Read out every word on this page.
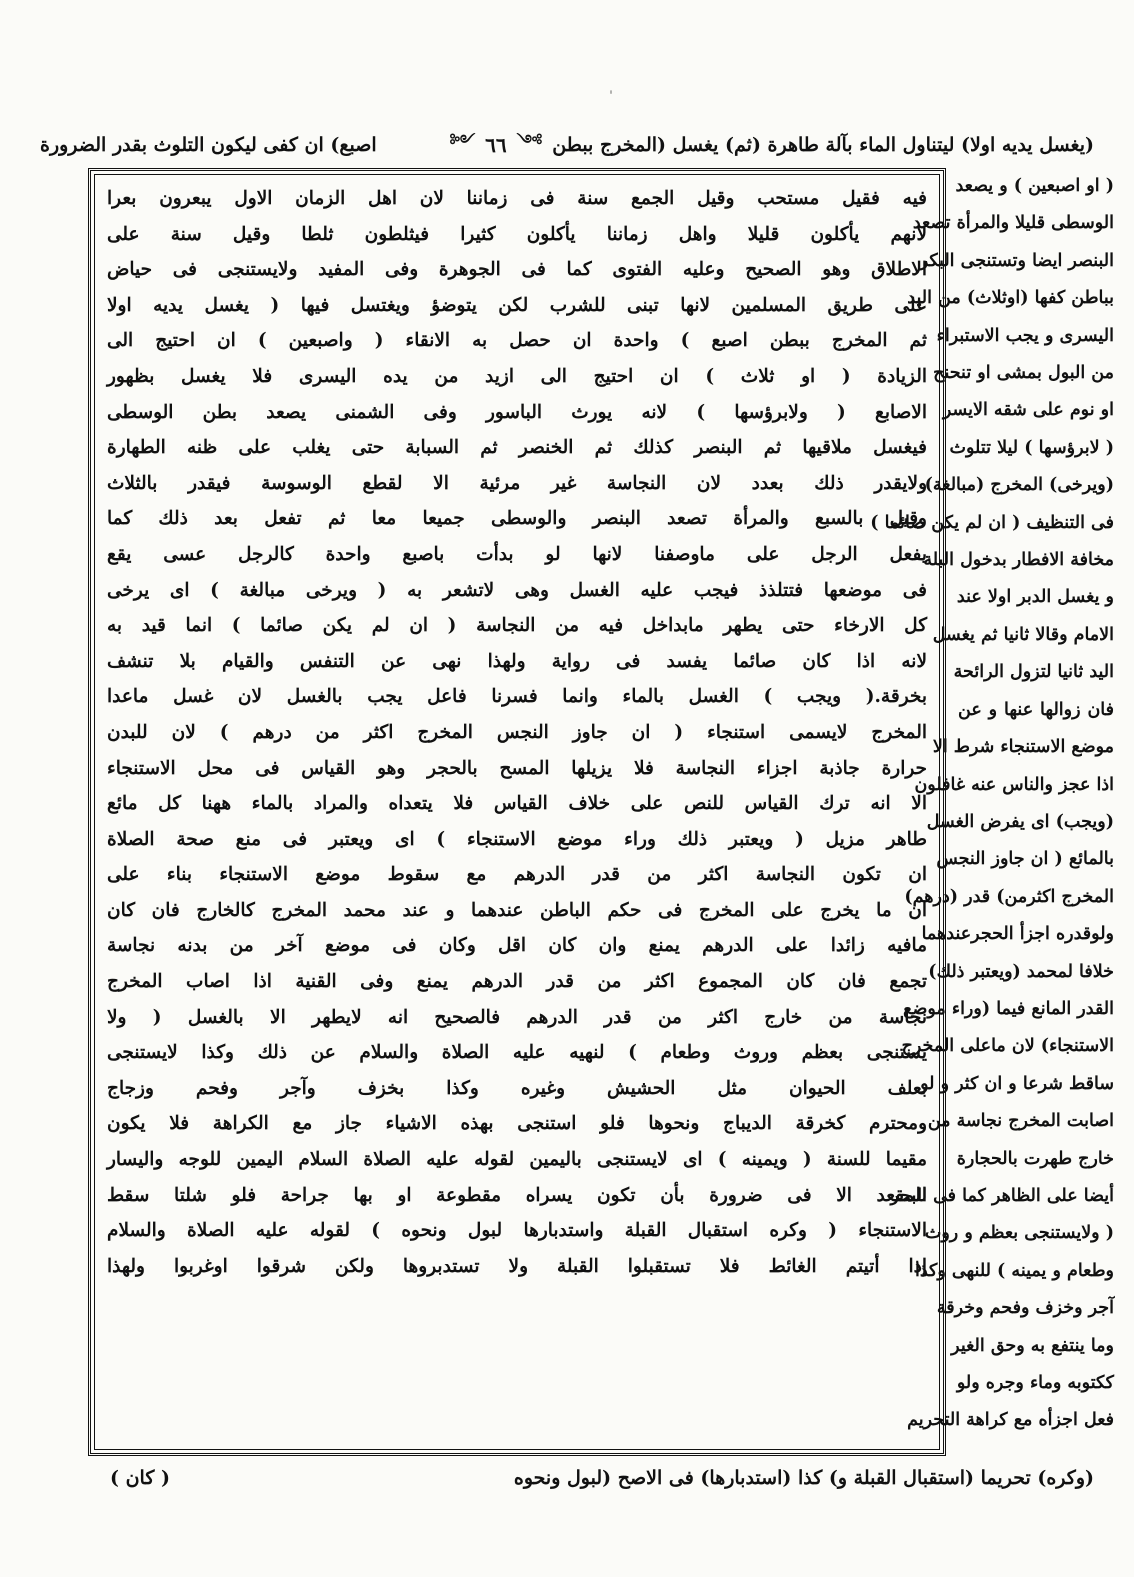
(يغسل يديه اولا) ليتناول الماء بآلة طاهرة (ثم) يغسل (المخرج ببطن
༻
٦٦
༺
اصبع) ان كفى ليكون التلوث بقدر الضرورة
( او اصبعين ) و يصعد
الوسطى قليلا والمرأة تصعد
البنصر ايضا وتستنجى البكر
بباطن كفها (اوثلاث) من اليد
اليسرى و يجب الاستبراء
من البول بمشى او تنحنح
او نوم على شقه الايسر
( لابرؤسها ) ليلا تتلوث
(ويرخى) المخرج (مبالغة)
فى التنظيف ( ان لم يكن صائما )
مخافة الافطار بدخول البلة
و يغسل الدبر اولا عند
الامام وقالا ثانيا ثم يغسل
اليد ثانيا لتزول الرائحة
فان زوالها عنها و عن
موضع الاستنجاء شرط الا
اذا عجز والناس عنه غافلون
(ويجب) اى يفرض الغسل
بالمائع ( ان جاوز النجس
المخرج اكثرمن) قدر (درهم)
ولوقدره اجزأ الحجرعندهما
خلافا لمحمد (ويعتبر ذلك)
القدر المانع فيما (وراء موضع
الاستنجاء) لان ماعلى المخرج
ساقط شرعا و ان كثر و لو
اصابت المخرج نجاسة من
خارج طهرت بالحجارة
أيضا على الظاهر كما فى البحر
( ولايستنجى بعظم و روث
وطعام و يمينه ) للنهى وكذا
آجر وخزف وفحم وخرقة
وما ينتفع به وحق الغير
ككتوبه وماء وجره ولو
فعل اجزأه مع كراهة التحريم
فيه فقيل مستحب وقيل الجمع سنة فى زماننا لان اهل الزمان الاول يبعرون بعرا
لانهم يأكلون قليلا واهل زماننا يأكلون كثيرا فيثلطون ثلطا وقيل سنة على
الاطلاق وهو الصحيح وعليه الفتوى كما فى الجوهرة وفى المفيد ولايستنجى فى حياض
على طريق المسلمين لانها تبنى للشرب لكن يتوضؤ ويغتسل فيها ( يغسل يديه اولا
ثم المخرج ببطن اصبع ) واحدة ان حصل به الانقاء ( واصبعين ) ان احتيج الى
الزيادة ( او ثلاث ) ان احتيج الى ازيد من يده اليسرى فلا يغسل بظهور
الاصابع ( ولابرؤسها ) لانه يورث الباسور وفى الشمنى يصعد بطن الوسطى
فيغسل ملاقيها ثم البنصر كذلك ثم الخنصر ثم السبابة حتى يغلب على ظنه الطهارة
ولايقدر ذلك بعدد لان النجاسة غير مرئية الا لقطع الوسوسة فيقدر بالثلاث
وقيل بالسبع والمرأة تصعد البنصر والوسطى جميعا معا ثم تفعل بعد ذلك كما
يفعل الرجل على ماوصفنا لانها لو بدأت باصبع واحدة كالرجل عسى يقع
فى موضعها فتتلذذ فيجب عليه الغسل وهى لاتشعر به ( ويرخى مبالغة ) اى يرخى
كل الارخاء حتى يطهر مابداخل فيه من النجاسة ( ان لم يكن صائما ) انما قيد به
لانه اذا كان صائما يفسد فى رواية ولهذا نهى عن التنفس والقيام بلا تنشف
بخرقة.( ويجب ) الغسل بالماء وانما فسرنا فاعل يجب بالغسل لان غسل ماعدا
المخرج لايسمى استنجاء ( ان جاوز النجس المخرج اكثر من درهم ) لان للبدن
حرارة جاذبة اجزاء النجاسة فلا يزيلها المسح بالحجر وهو القياس فى محل الاستنجاء
الا انه ترك القياس للنص على خلاف القياس فلا يتعداه والمراد بالماء ههنا كل مائع
طاهر مزيل ( ويعتبر ذلك وراء موضع الاستنجاء ) اى ويعتبر فى منع صحة الصلاة
ان تكون النجاسة اكثر من قدر الدرهم مع سقوط موضع الاستنجاء بناء على
ان ما يخرج على المخرج فى حكم الباطن عندهما و عند محمد المخرج كالخارج فان كان
مافيه زائدا على الدرهم يمنع وان كان اقل وكان فى موضع آخر من بدنه نجاسة
تجمع فان كان المجموع اكثر من قدر الدرهم يمنع وفى القنية اذا اصاب المخرج
نجاسة من خارج اكثر من قدر الدرهم فالصحيح انه لايطهر الا بالغسل ( ولا
يستنجى بعظم وروث وطعام ) لنهيه عليه الصلاة والسلام عن ذلك وكذا لايستنجى
بعلف الحيوان مثل الحشيش وغيره وكذا بخزف وآجر وفحم وزجاج
ومحترم كخرقة الديباج ونحوها فلو استنجى بهذه الاشياء جاز مع الكراهة فلا يكون
مقيما للسنة ( ويمينه ) اى لايستنجى باليمين لقوله عليه الصلاة السلام اليمين للوجه واليسار
للمقعد الا فى ضرورة بأن تكون يسراه مقطوعة او بها جراحة فلو شلتا سقط
الاستنجاء ( وكره استقبال القبلة واستدبارها لبول ونحوه ) لقوله عليه الصلاة والسلام
إذا أتيتم الغائط فلا تستقبلوا القبلة ولا تستدبروها ولكن شرقوا اوغربوا ولهذا
(وكره) تحريما (استقبال القبلة و) كذا (استدبارها) فى الاصح (لبول ونحوه
( كان )
